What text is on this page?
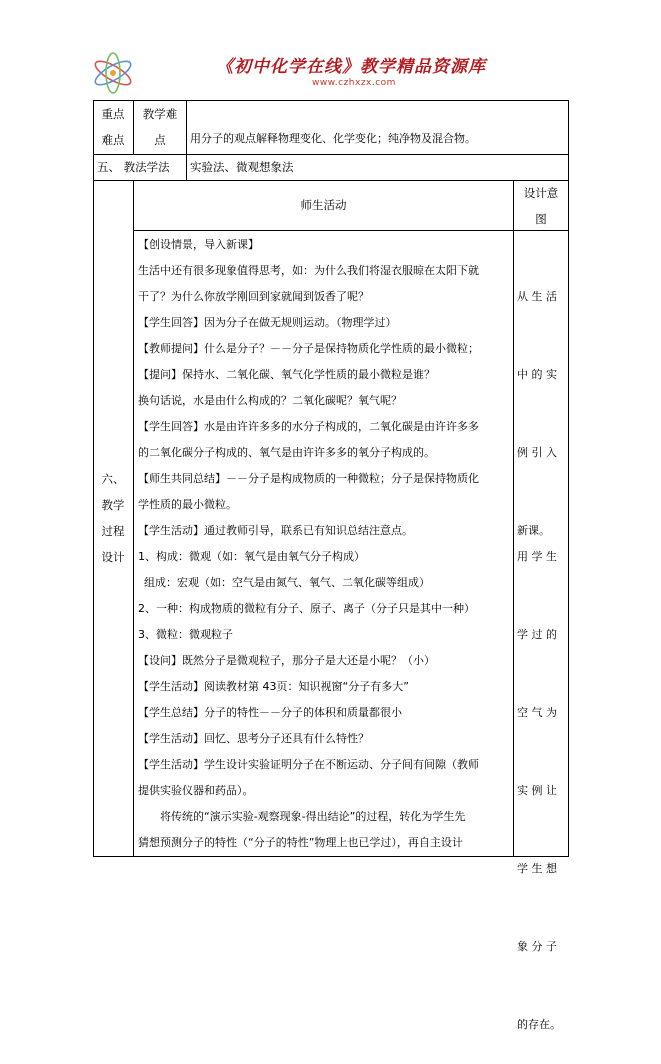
《初中化学在线》教学精品资源库
www.czhxzx.com
重点
难点
教学难
点	用分子的观点解释物理变化、化学变化；纯净物及混合物。
五、 教法学法 实验法、微观想象法
六、
教学
过程
设计
师生活动
设计意
图

【创设情景，导入新课】

生活中还有很多现象值得思考，如：为什么我们将湿衣服晾在太阳下就

干了？为什么你放学刚回到家就闻到饭香了呢？

【学生回答】因为分子在做无规则运动。（物理学过）

【教师提问】什么是分子？－－分子是保持物质化学性质的最小微粒；

【提问】保持水、二氧化碳、氧气化学性质的最小微粒是谁？

换句话说，水是由什么构成的？二氧化碳呢？氧气呢？

【学生回答】水是由许许多多的水分子构成的，二氧化碳是由许许多多

的二氧化碳分子构成的、氧气是由许许多多的氧分子构成的。

【师生共同总结】－－分子是构成物质的一种微粒；分子是保持物质化

学性质的最小微粒。

【学生活动】通过教师引导，联系已有知识总结注意点。

1、构成：微观（如：氧气是由氧气分子构成）

组成：宏观（如：空气是由氮气、氧气、二氧化碳等组成）

2、一种：构成物质的微粒有分子、原子、离子（分子只是其中一种）

3、微粒：微观粒子

【设问】既然分子是微观粒子，那分子是大还是小呢？（小）

【学生活动】阅读教材第 43页：知识视窗“分子有多大”

【学生总结】分子的特性－－分子的体积和质量都很小

【学生活动】回忆、思考分子还具有什么特性？

【学生活动】学生设计实验证明分子在不断运动、分子间有间隙（教师

提供实验仪器和药品）。

将传统的“演示实验-观察现象-得出结论”的过程，转化为学生先

猜想预测分子的特性（“分子的特性”物理上也已学过），再自主设计

从 生 活

中 的 实

例 引 入

新课。

用 学 生

学 过 的

空 气 为

实 例 让

学 生 想

象 分 子

的存在。
